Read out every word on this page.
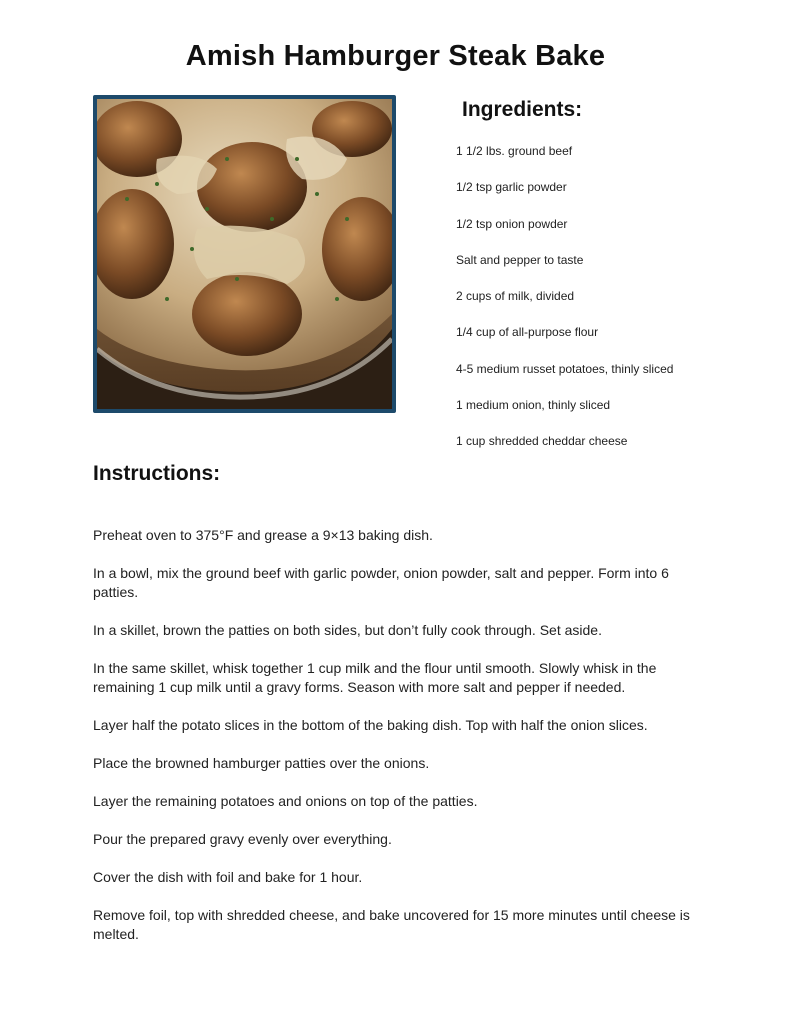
Amish Hamburger Steak Bake
Ingredients:
1 1/2 lbs. ground beef
1/2 tsp garlic powder
1/2 tsp onion powder
Salt and pepper to taste
2 cups of milk, divided
1/4 cup of all-purpose flour
4-5 medium russet potatoes, thinly sliced
1 medium onion, thinly sliced
1 cup shredded cheddar cheese
Instructions:
Preheat oven to 375°F and grease a 9×13 baking dish.
In a bowl, mix the ground beef with garlic powder, onion powder, salt and pepper. Form into 6 patties.
In a skillet, brown the patties on both sides, but don’t fully cook through. Set aside.
In the same skillet, whisk together 1 cup milk and the flour until smooth. Slowly whisk in the remaining 1 cup milk until a gravy forms. Season with more salt and pepper if needed.
Layer half the potato slices in the bottom of the baking dish. Top with half the onion slices.
Place the browned hamburger patties over the onions.
Layer the remaining potatoes and onions on top of the patties.
Pour the prepared gravy evenly over everything.
Cover the dish with foil and bake for 1 hour.
Remove foil, top with shredded cheese, and bake uncovered for 15 more minutes until cheese is melted.
